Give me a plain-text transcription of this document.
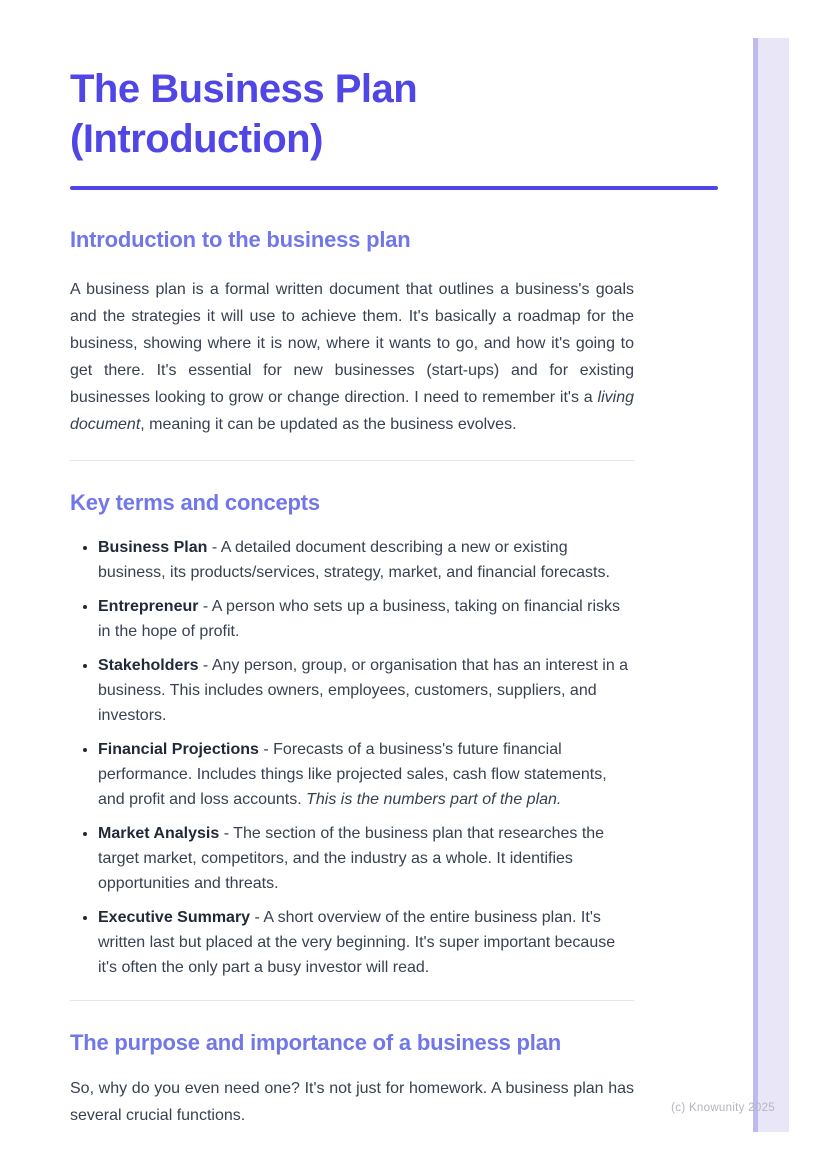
The Business Plan (Introduction)
Introduction to the business plan

A business plan is a formal written document that outlines a business's goals and the strategies it will use to achieve them. It's basically a roadmap for the business, showing where it is now, where it wants to go, and how it's going to get there. It's essential for new businesses (start-ups) and for existing businesses looking to grow or change direction. I need to remember it's a living document, meaning it can be updated as the business evolves.

Key terms and concepts
• Business Plan - A detailed document describing a new or existing business, its products/services, strategy, market, and financial forecasts.
• Entrepreneur - A person who sets up a business, taking on financial risks in the hope of profit.
• Stakeholders - Any person, group, or organisation that has an interest in a business. This includes owners, employees, customers, suppliers, and investors.
• Financial Projections - Forecasts of a business's future financial performance. Includes things like projected sales, cash flow statements, and profit and loss accounts. This is the numbers part of the plan.
• Market Analysis - The section of the business plan that researches the target market, competitors, and the industry as a whole. It identifies opportunities and threats.
• Executive Summary - A short overview of the entire business plan. It's written last but placed at the very beginning. It's super important because it's often the only part a busy investor will read.
The purpose and importance of a business plan

So, why do you even need one? It's not just for homework. A business plan has several crucial functions.	(c) Knowunity 2025
